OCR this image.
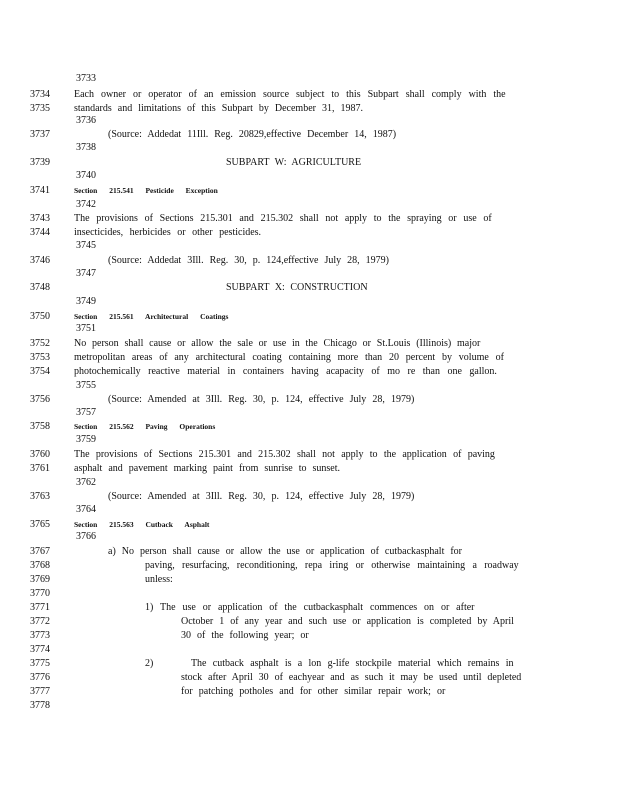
3733
3734 Each owner or operator of an emission source subject to this Subpart shall comply with the
3735 standards and limitations of this Subpart by December 31, 1987.
3736
3737	(Source: Addedat 11Ill. Reg. 20829,effective December 14, 1987)
3738
3739	SUBPART W: AGRICULTURE
3740
3741	Section 215.541 Pesticide Exception
3742
3743 The provisions of Sections 215.301 and 215.302 shall not apply to the spraying or use of
3744 insecticides, herbicides or other pesticides.
3745
3746	(Source: Addedat 3Ill. Reg. 30, p. 124,effective July 28, 1979)
3747
3748	SUBPART X: CONSTRUCTION
3749
3750	Section 215.561 Architectural Coatings
3751
3752 No person shall cause or allow the sale or use in the Chicago or St.Louis (Illinois) major
3753 metropolitan areas of any architectural coating containing more than 20 percent by volume of
3754 photochemically reactive material in containers having acapacity of mo re than one gallon.
3755
3756	(Source: Amended at 3Ill. Reg. 30, p. 124, effective July 28, 1979)
3757
3758	Section 215.562 Paving Operations
3759
3760 The provisions of Sections 215.301 and 215.302 shall not apply to the application of paving
3761 asphalt and pavement marking paint from sunrise to sunset.
3762
3763	(Source: Amended at 3Ill. Reg. 30, p. 124, effective July 28, 1979)
3764
3765	Section 215.563 Cutback Asphalt
3766
3767	a) No person shall cause or allow the use or application of cutbackasphalt for
3768	paving, resurfacing, reconditioning, repa iring or otherwise maintaining a roadway
3769	unless:
3770
3771	1) The use or application of the cutbackasphalt commences on or after
3772	October 1 of any year and such use or application is completed by April
3773	30 of the following year; or
3774
3775	2)      The cutback asphalt is a lon g-life stockpile material which remains in
3776	stock after April 30 of eachyear and as such it may be used until depleted
3777	for patching potholes and for other similar repair work; or
3778
